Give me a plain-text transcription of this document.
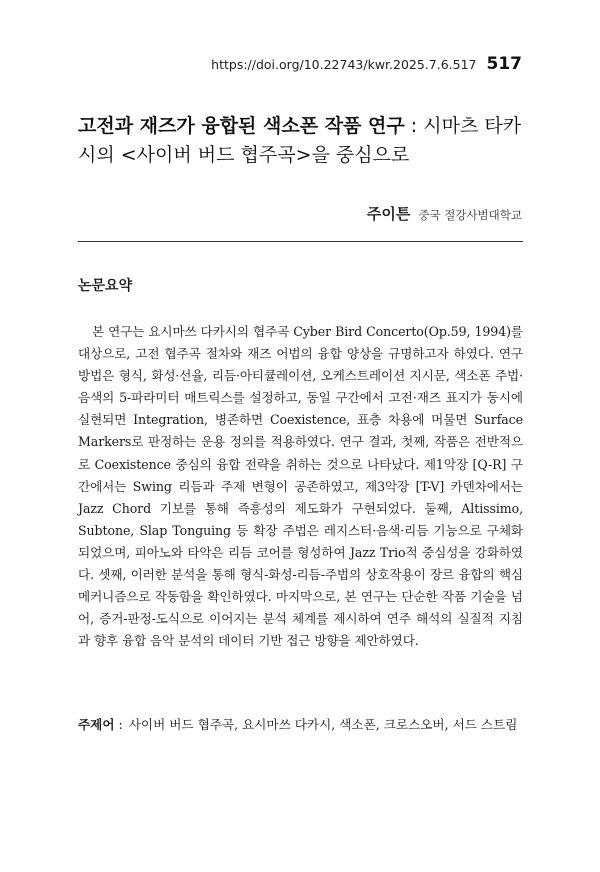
https://doi.org/10.22743/kwr.2025.7.6.517 517
고전과 재즈가 융합된 색소폰 작품 연구 : 시마츠 타카시의 <사이버 버드 협주곡>을 중심으로
주이튼 중국 절강사범대학교
논문요약

본 연구는 요시마쓰 다카시의 협주곡 Cyber Bird Concerto(Op.59, 1994)를 대상으로, 고전 협주곡 절차와 재즈 어법의 융합 양상을 규명하고자 하였다. 연구 방법은 형식, 화성·선율, 리듬·아티큘레이션, 오케스트레이션 지시문, 색소폰 주법·음색의 5-파라미터 매트릭스를 설정하고, 동일 구간에서 고전·재즈 표지가 동시에 실현되면 Integration, 병존하면 Coexistence, 표층 차용에 머물면 Surface Markers로 판정하는 운용 정의를 적용하였다. 연구 결과, 첫째, 작품은 전반적으로 Coexistence 중심의 융합 전략을 취하는 것으로 나타났다. 제1악장 [Q-R] 구간에서는 Swing 리듬과 주제 변형이 공존하였고, 제3악장 [T-V] 카덴차에서는 Jazz Chord 기보를 통해 즉흥성의 제도화가 구현되었다. 둘째, Altissimo, Subtone, Slap Tonguing 등 확장 주법은 레지스터·음색·리듬 기능으로 구체화되었으며, 피아노와 타악은 리듬 코어를 형성하여 Jazz Trio적 중심성을 강화하였다. 셋째, 이러한 분석을 통해 형식-화성-리듬-주법의 상호작용이 장르 융합의 핵심 메커니즘으로 작동함을 확인하였다. 마지막으로, 본 연구는 단순한 작품 기술을 넘어, 증거-판정-도식으로 이어지는 분석 체계를 제시하여 연주 해석의 실질적 지침과 향후 융합 음악 분석의 데이터 기반 접근 방향을 제안하였다.

주제어 : 사이버 버드 협주곡, 요시마쓰 다카시, 색소폰, 크로스오버, 서드 스트림
